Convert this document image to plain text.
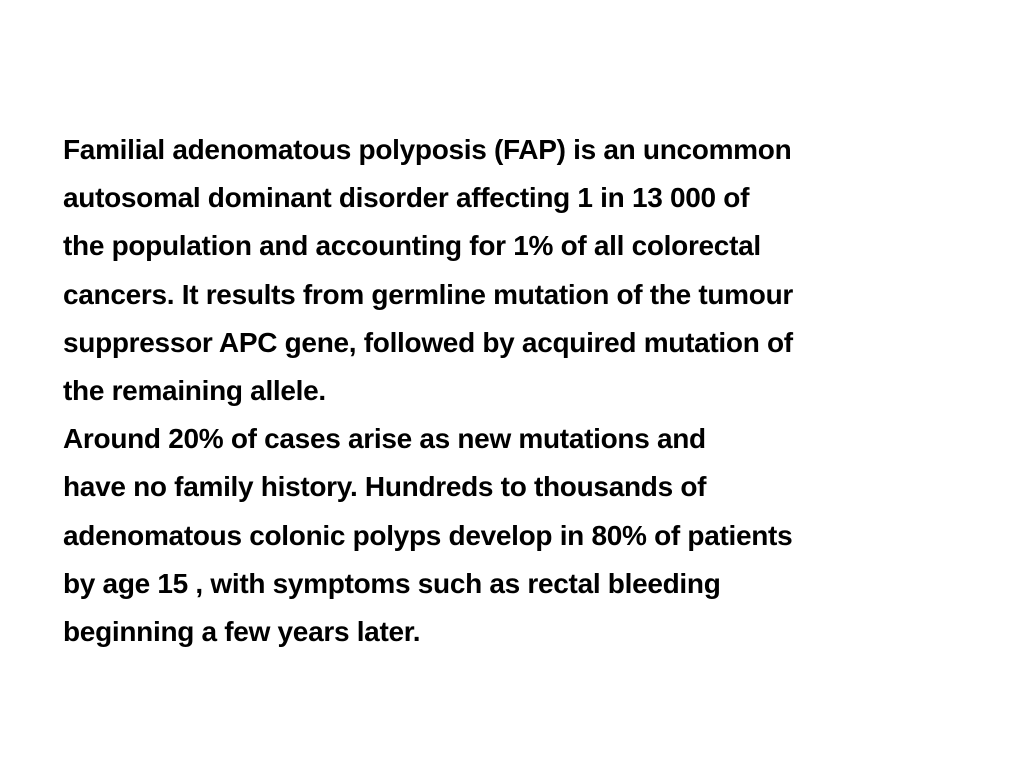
Familial adenomatous polyposis (FAP) is an uncommon
autosomal dominant disorder affecting 1 in 13 000 of
the population and accounting for 1% of all colorectal
cancers. It results from germline mutation of the tumour
suppressor APC gene, followed by acquired mutation of
the remaining allele.
Around 20% of cases arise as new mutations and
have no family history. Hundreds to thousands of
adenomatous colonic polyps develop in 80% of patients
by age 15 , with symptoms such as rectal bleeding
beginning a few years later.
